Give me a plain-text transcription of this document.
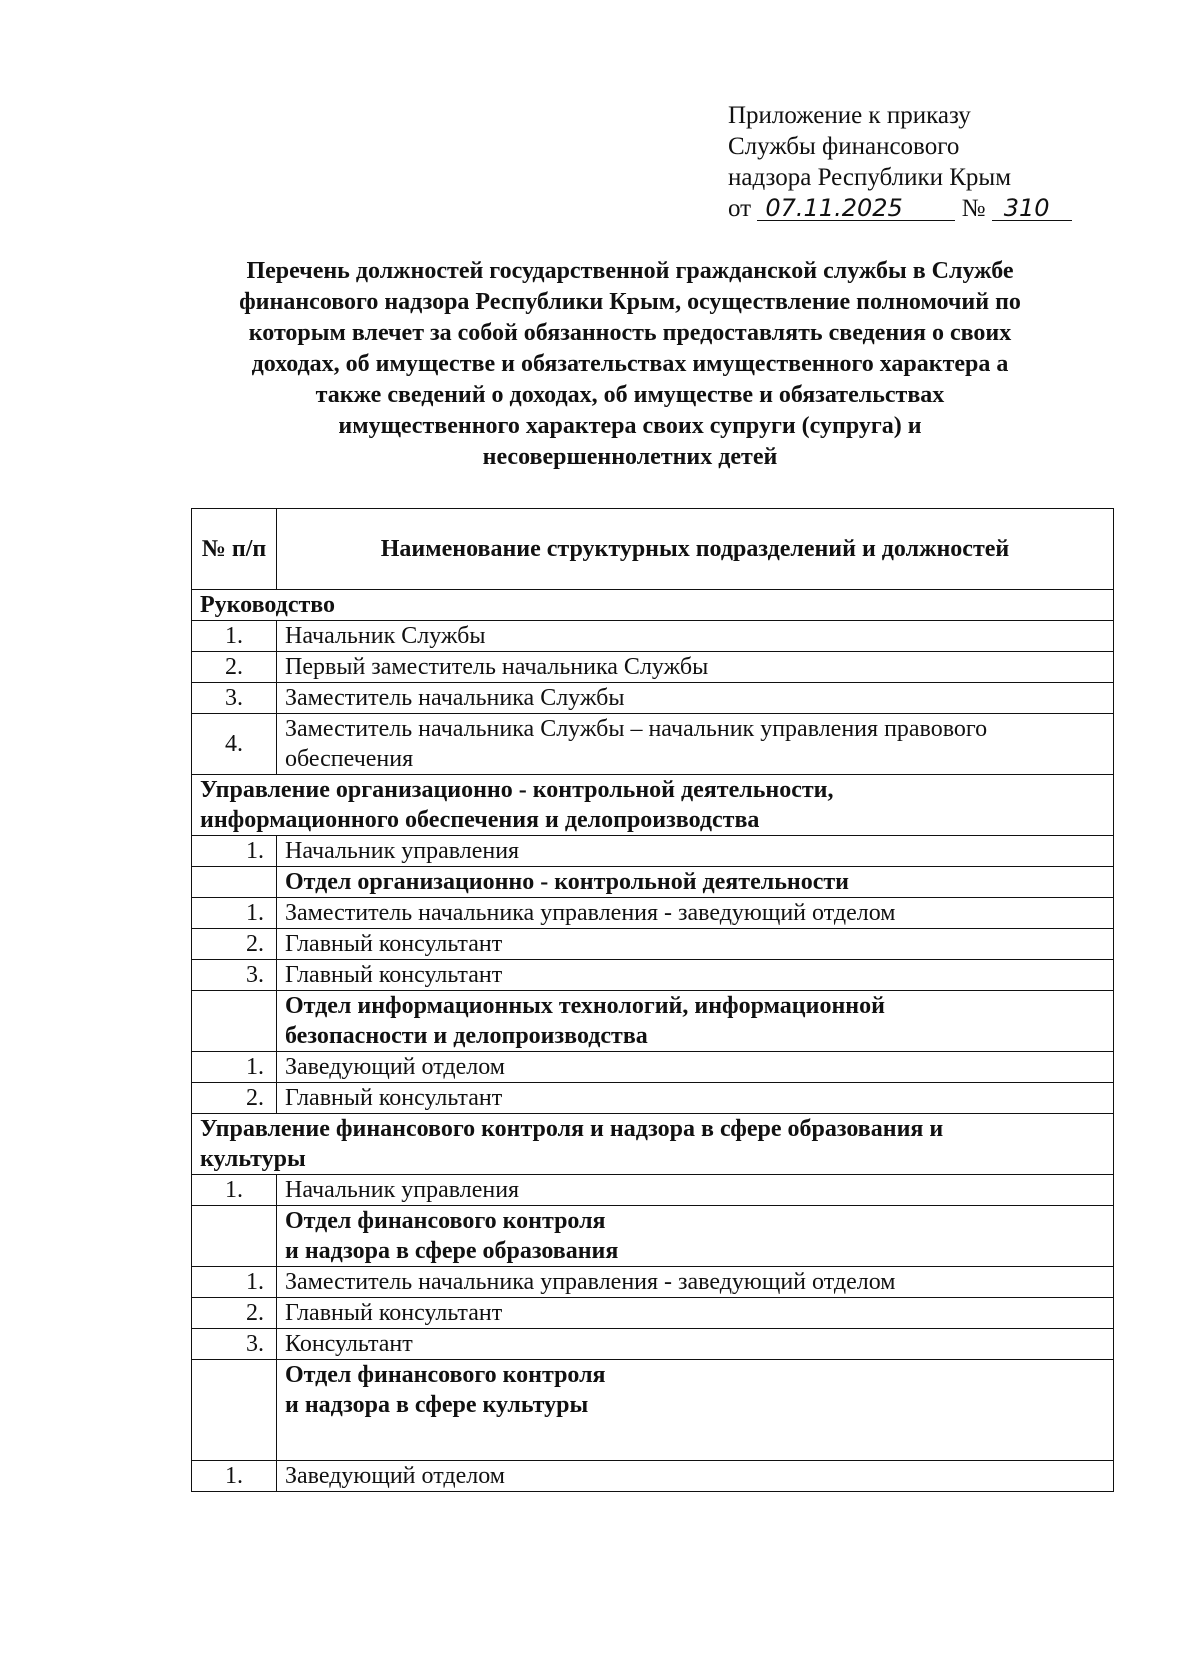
Приложение к приказу
Службы финансового
надзора Республики Крым
от 07.11.2025 № 310
Перечень должностей государственной гражданской службы в Службе
финансового надзора Республики Крым, осуществление полномочий по
которым влечет за собой обязанность предоставлять сведения о своих
доходах, об имуществе и обязательствах имущественного характера а
также сведений о доходах, об имуществе и обязательствах
имущественного характера своих супруги (супруга) и
несовершеннолетних детей
№ п/п	Наименование структурных подразделений и должностей
Руководство	
1.	Начальник Службы
2.	Первый заместитель начальника Службы
3.	Заместитель начальника Службы
4.	Заместитель начальника Службы – начальник управления правового
обеспечения

Управление организационно - контрольной деятельности,
информационного обеспечения и делопроизводства	

1.	Начальник управления
	Отдел организационно - контрольной деятельности
1.	Заместитель начальника управления - заведующий отделом
2.	Главный консультант
3.	Главный консультант

	Отдел информационных технологий, информационной
безопасности и делопроизводства

1.	Заведующий отделом
2.	Главный консультант

Управление финансового контроля и надзора в сфере образования и
культуры	

1.	Начальник управления

	Отдел финансового контроля
и надзора в сфере образования

1.	Заместитель начальника управления - заведующий отделом
2.	Главный консультант
3.	Консультант

	Отдел финансового контроля
и надзора в сфере культуры

1.	Заведующий отделом
